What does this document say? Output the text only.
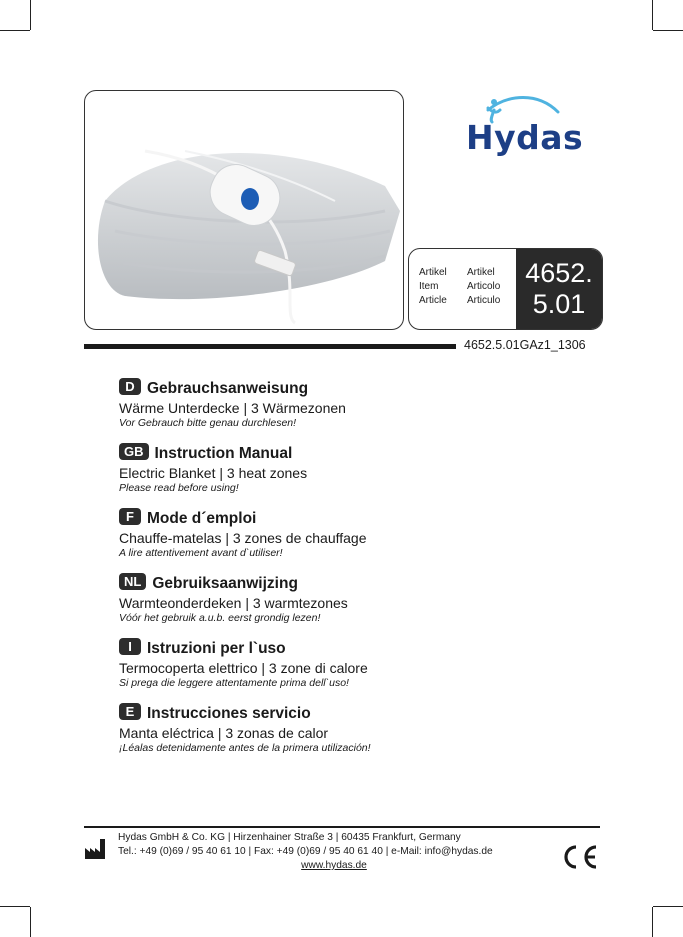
Hydas
Artikel
Item
Article
Artikel
Articolo
Articulo
4652.
5.01
4652.5.01GAz1_1306
D Gebrauchsanweisung
Wärme Unterdecke | 3 Wärmezonen
Vor Gebrauch bitte genau durchlesen!
GB Instruction Manual
Electric Blanket | 3 heat zones
Please read before using!
F Mode d´emploi
Chauffe-matelas | 3 zones de chauffage
A lire attentivement avant d`utiliser!
NL Gebruiksaanwijzing
Warmteonderdeken | 3 warmtezones
Vóór het gebruik a.u.b. eerst grondig lezen!
I Istruzioni per l`uso
Termocoperta elettrico | 3 zone di calore
Si prega die leggere attentamente prima dell`uso!
E Instrucciones servicio
Manta eléctrica | 3 zonas de calor
¡Léalas detenidamente antes de la primera utilización!
Hydas GmbH & Co. KG | Hirzenhainer Straße 3 | 60435 Frankfurt, Germany
Tel.: +49 (0)69 / 95 40 61 10 | Fax: +49 (0)69 / 95 40 61 40 | e-Mail: info@hydas.de
www.hydas.de
